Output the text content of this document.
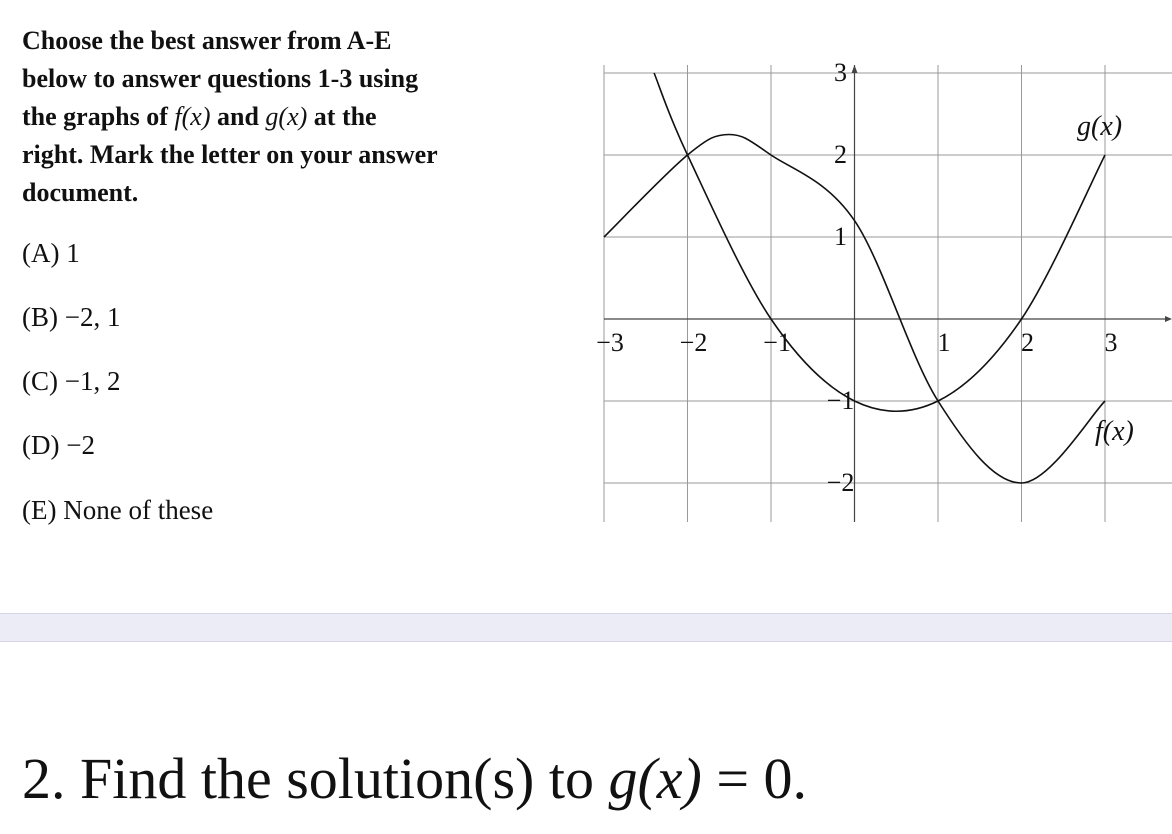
Choose the best answer from A-E
below to answer questions 1-3 using
the graphs of f(x) and g(x) at the
right. Mark the letter on your answer
document.
(A) 1
(B) −2, 1
(C) −1, 2
(D) −2
(E) None of these
−3 −2 −1	1	2	3
3
2
1
−1
−2
g(x)
f(x)
2. Find the solution(s) to g(x) = 0.
